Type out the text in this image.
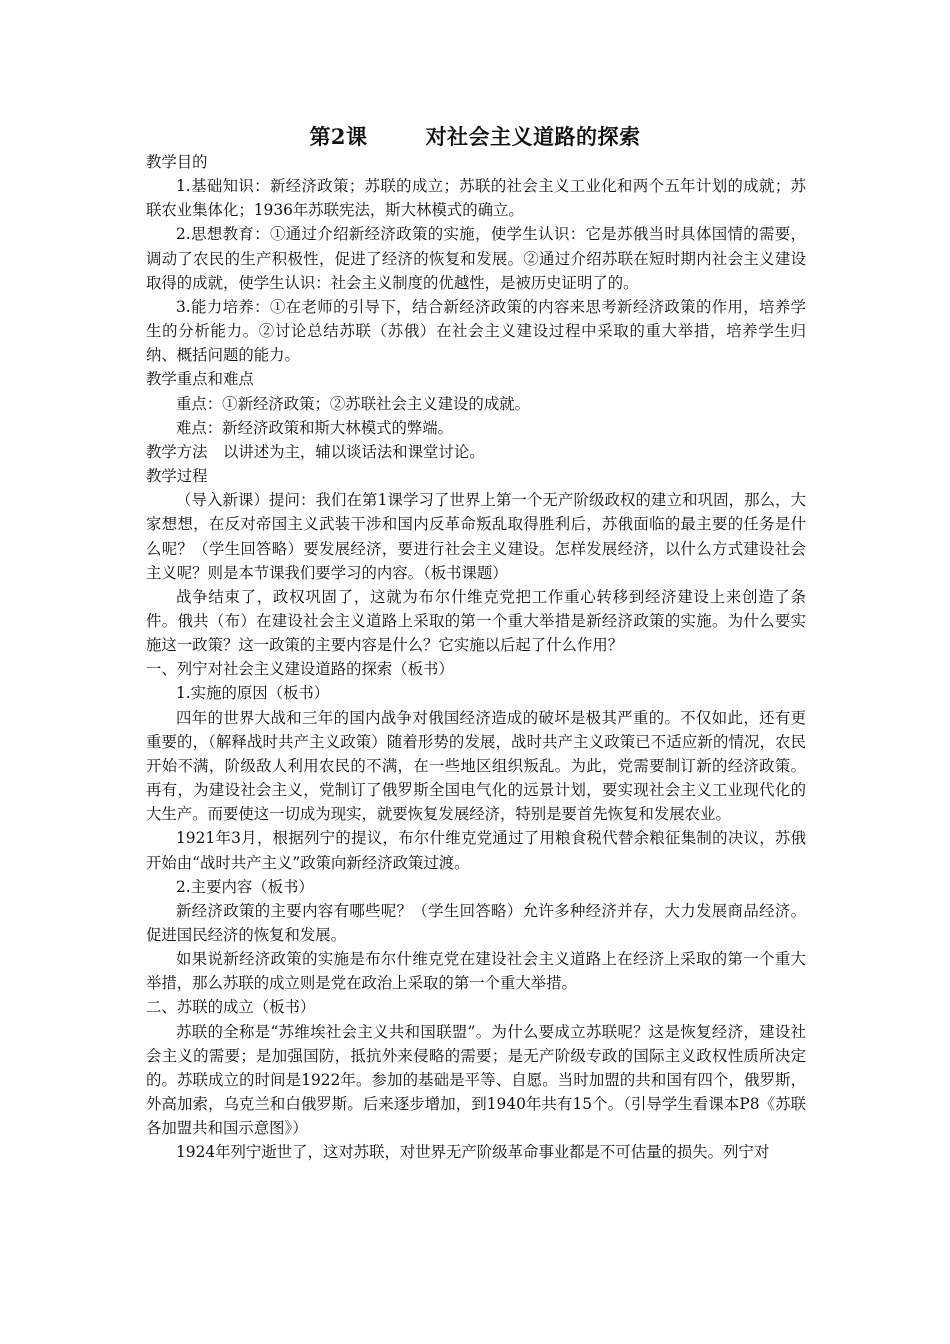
第2课	对社会主义道路的探索

教学目的

1.基础知识：新经济政策；苏联的成立；苏联的社会主义工业化和两个五年计划的成就；苏联农业集体化；1936年苏联宪法，斯大林模式的确立。

2.思想教育：①通过介绍新经济政策的实施，使学生认识：它是苏俄当时具体国情的需要，调动了农民的生产积极性，促进了经济的恢复和发展。②通过介绍苏联在短时期内社会主义建设取得的成就，使学生认识：社会主义制度的优越性，是被历史证明了的。

3.能力培养：①在老师的引导下，结合新经济政策的内容来思考新经济政策的作用，培养学生的分析能力。②讨论总结苏联（苏俄）在社会主义建设过程中采取的重大举措，培养学生归纳、概括问题的能力。

教学重点和难点

重点：①新经济政策；②苏联社会主义建设的成就。

难点：新经济政策和斯大林模式的弊端。

教学方法　以讲述为主，辅以谈话法和课堂讨论。

教学过程

（导入新课）提问：我们在第1课学习了世界上第一个无产阶级政权的建立和巩固，那么，大家想想，在反对帝国主义武装干涉和国内反革命叛乱取得胜利后，苏俄面临的最主要的任务是什么呢？（学生回答略）要发展经济，要进行社会主义建设。怎样发展经济，以什么方式建设社会主义呢？则是本节课我们要学习的内容。（板书课题）

战争结束了，政权巩固了，这就为布尔什维克党把工作重心转移到经济建设上来创造了条件。俄共（布）在建设社会主义道路上采取的第一个重大举措是新经济政策的实施。为什么要实施这一政策？这一政策的主要内容是什么？它实施以后起了什么作用？

一、列宁对社会主义建设道路的探索（板书）

1.实施的原因（板书）

四年的世界大战和三年的国内战争对俄国经济造成的破坏是极其严重的。不仅如此，还有更重要的，（解释战时共产主义政策）随着形势的发展，战时共产主义政策已不适应新的情况，农民开始不满，阶级敌人利用农民的不满，在一些地区组织叛乱。为此，党需要制订新的经济政策。再有，为建设社会主义，党制订了俄罗斯全国电气化的远景计划，要实现社会主义工业现代化的大生产。而要使这一切成为现实，就要恢复发展经济，特别是要首先恢复和发展农业。

1921年3月，根据列宁的提议，布尔什维克党通过了用粮食税代替余粮征集制的决议，苏俄开始由“战时共产主义”政策向新经济政策过渡。

2.主要内容（板书）

新经济政策的主要内容有哪些呢？（学生回答略）允许多种经济并存，大力发展商品经济。促进国民经济的恢复和发展。

如果说新经济政策的实施是布尔什维克党在建设社会主义道路上在经济上采取的第一个重大举措，那么苏联的成立则是党在政治上采取的第一个重大举措。

二、苏联的成立（板书）

苏联的全称是“苏维埃社会主义共和国联盟”。为什么要成立苏联呢？这是恢复经济，建设社会主义的需要；是加强国防，抵抗外来侵略的需要；是无产阶级专政的国际主义政权性质所决定的。苏联成立的时间是1922年。参加的基础是平等、自愿。当时加盟的共和国有四个，俄罗斯，外高加索，乌克兰和白俄罗斯。后来逐步增加，到1940年共有15个。（引导学生看课本P8《苏联各加盟共和国示意图》）

1924年列宁逝世了，这对苏联，对世界无产阶级革命事业都是不可估量的损失。列宁对
